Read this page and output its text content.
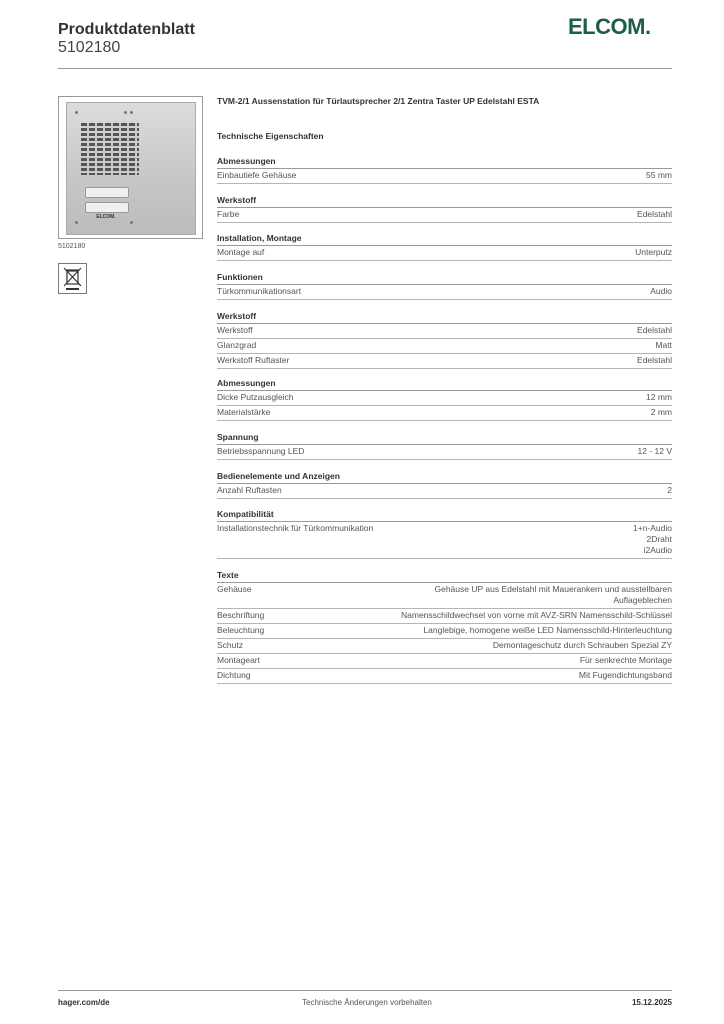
Produktdatenblatt
5102180
ELCOM.
ELCOM.
5102180
TVM-2/1 Aussenstation für Türlautsprecher 2/1 Zentra Taster UP Edelstahl ESTA
Technische Eigenschaften
Abmessungen
Einbautiefe Gehäuse	55 mm
Werkstoff
Farbe	Edelstahl
Installation, Montage
Montage auf	Unterputz
Funktionen
Türkommunikationsart	Audio
Werkstoff
Werkstoff	Edelstahl
Glanzgrad	Matt
Werkstoff Ruftaster	Edelstahl
Abmessungen
Dicke Putzausgleich	12 mm
Materialstärke	2 mm
Spannung
Betriebsspannung LED	12 - 12 V
Bedienelemente und Anzeigen
Anzahl Ruftasten	2
Kompatibilität
Installationstechnik für Türkommunikation	1+n-Audio
2Draht
i2Audio
Texte
Gehäuse	Gehäuse UP aus Edelstahl mit Mauerankern und ausstellbaren Auflageblechen
Beschriftung	Namensschildwechsel von vorne mit AVZ-SRN Namensschild-Schlüssel
Beleuchtung	Langlebige, homogene weiße LED Namensschild-Hinterleuchtung
Schutz	Demontageschutz durch Schrauben Spezial ZY
Montageart	Für senkrechte Montage
Dichtung	Mit Fugendichtungsband
hager.com/de	Technische Änderungen vorbehalten	15.12.2025
